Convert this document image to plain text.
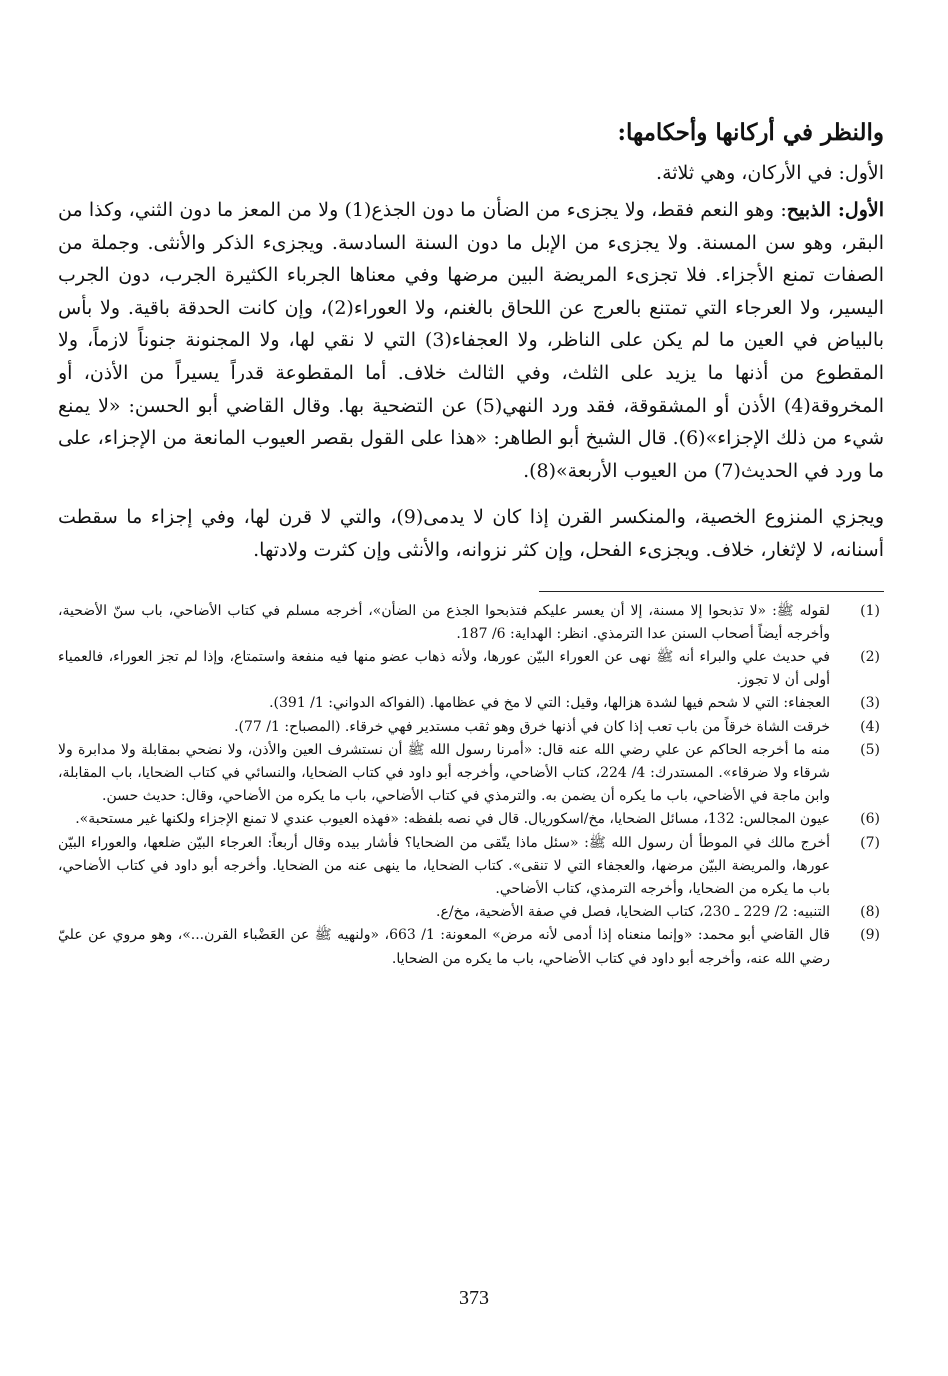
والنظر في أركانها وأحكامها:

الأول: في الأركان، وهي ثلاثة.

الأول: الذبيح: وهو النعم فقط، ولا يجزىء من الضأن ما دون الجذع(1) ولا من المعز ما دون الثني، وكذا من البقر، وهو سن المسنة. ولا يجزىء من الإبل ما دون السنة السادسة. ويجزىء الذكر والأنثى. وجملة من الصفات تمنع الأجزاء. فلا تجزىء المريضة البين مرضها وفي معناها الجرباء الكثيرة الجرب، دون الجرب اليسير، ولا العرجاء التي تمتنع بالعرج عن اللحاق بالغنم، ولا العوراء(2)، وإن كانت الحدقة باقية. ولا بأس بالبياض في العين ما لم يكن على الناظر، ولا العجفاء(3) التي لا نقي لها، ولا المجنونة جنوناً لازماً، ولا المقطوع من أذنها ما يزيد على الثلث، وفي الثالث خلاف. أما المقطوعة قدراً يسيراً من الأذن، أو المخروقة(4) الأذن أو المشقوقة، فقد ورد النهي(5) عن التضحية بها. وقال القاضي أبو الحسن: «لا يمنع شيء من ذلك الإجزاء»(6). قال الشيخ أبو الطاهر: «هذا على القول بقصر العيوب المانعة من الإجزاء، على ما ورد في الحديث(7) من العيوب الأربعة»(8).

ويجزي المنزوع الخصية، والمنكسر القرن إذا كان لا يدمى(9)، والتي لا قرن لها، وفي إجزاء ما سقطت أسنانه، لا لإثغار، خلاف. ويجزىء الفحل، وإن كثر نزوانه، والأنثى وإن كثرت ولادتها.

(1)
لقوله ﷺ: «لا تذبحوا إلا مسنة، إلا أن يعسر عليكم فتذبحوا الجذع من الضأن»، أخرجه مسلم في كتاب الأضاحي، باب سنّ الأضحية، وأخرجه أيضاً أصحاب السنن عدا الترمذي. انظر: الهداية: 6/ 187.
(2)
في حديث علي والبراء أنه ﷺ نهى عن العوراء البيّن عورها، ولأنه ذهاب عضو منها فيه منفعة واستمتاع، وإذا لم تجز العوراء، فالعمياء أولى أن لا تجوز.
(3)
العجفاء: التي لا شحم فيها لشدة هزالها، وقيل: التي لا مخ في عظامها. (الفواكه الدواني: 1/ 391).
(4)
خرقت الشاة خرقاً من باب تعب إذا كان في أذنها خرق وهو ثقب مستدير فهي خرقاء. (المصباح: 1/ 77).
(5)
منه ما أخرجه الحاكم عن علي رضي الله عنه قال: «أمرنا رسول الله ﷺ أن نستشرف العين والأذن، ولا نضحي بمقابلة ولا مدابرة ولا شرقاء ولا ضرقاء». المستدرك: 4/ 224، كتاب الأضاحي، وأخرجه أبو داود في كتاب الضحايا، والنسائي في كتاب الضحايا، باب المقابلة، وابن ماجة في الأضاحي، باب ما يكره أن يضمن به. والترمذي في كتاب الأضاحي، باب ما يكره من الأضاحي، وقال: حديث حسن.
(6)
عيون المجالس: 132، مسائل الضحايا، مخ/اسكوريال. قال في نصه بلفظه: «فهذه العيوب عندي لا تمنع الإجزاء ولكنها غير مستحبة».
(7)
أخرج مالك في الموطأ أن رسول الله ﷺ: «سئل ماذا يتّقى من الضحايا؟ فأشار بيده وقال أربعاً: العرجاء البيّن ضلعها، والعوراء البيّن عورها، والمريضة البيّن مرضها، والعجفاء التي لا تنقى». كتاب الضحايا، ما ينهى عنه من الضحايا. وأخرجه أبو داود في كتاب الأضاحي، باب ما يكره من الضحايا، وأخرجه الترمذي، كتاب الأضاحي.
(8)
التنبيه: 2/ 229 ـ 230، كتاب الضحايا، فصل في صفة الأضحية، مخ/ع.
(9)
قال القاضي أبو محمد: «وإنما منعناه إذا أدمى لأنه مرض» المعونة: 1/ 663، «ولنهيه ﷺ عن العَضْباء القرن...»، وهو مروي عن عليّ رضي الله عنه، وأخرجه أبو داود في كتاب الأضاحي، باب ما يكره من الضحايا.
373
